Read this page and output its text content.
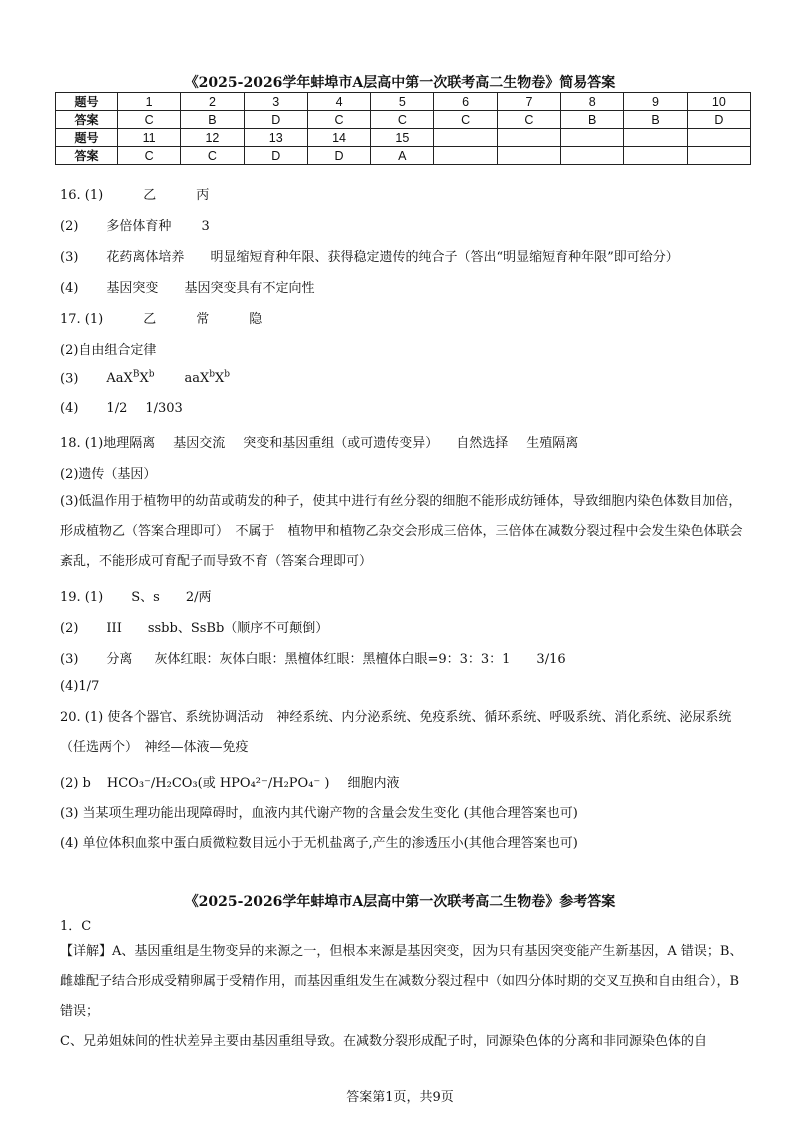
《2025-2026学年蚌埠市A层高中第一次联考高二生物卷》简易答案
题号	1	2	3	4	5	6	7	8	9	10
答案	C	B	D	C	C	C	C	B	B	D
题号	11	12	13	14	15					
答案	C	C	D	D	A					
16. (1)	乙	丙
(2) 多倍体育种 3
(3) 花药离体培养 明显缩短育种年限、获得稳定遗传的纯合子（答出“明显缩短育种年限”即可给分）
(4) 基因突变 基因突变具有不定向性
17. (1)	乙	常	隐
(2)自由组合定律
(3) $AaX^BX^b$ $aaX^bX^b$
(4) 1/2 1/303
18. (1)地理隔离 基因交流 突变和基因重组（或可遗传变异） 自然选择 生殖隔离
(2)遗传（基因）
(3)低温作用于植物甲的幼苗或萌发的种子，使其中进行有丝分裂的细胞不能形成纺锤体，导致细胞内染色体数目加倍，形成植物乙（答案合理即可）　不属于　植物甲和植物乙杂交会形成三倍体，三倍体在减数分裂过程中会发生染色体联会紊乱，不能形成可育配子而导致不育（答案合理即可）
19. (1) S、s 2/两
(2) III ssbb、SsBb（顺序不可颠倒）
(3) 分离 灰体红眼：灰体白眼：黑檀体红眼：黑檀体白眼=9：3：3：1 3/16
(4)1/7
20. (1) 使各个器官、系统协调活动　神经系统、内分泌系统、免疫系统、循环系统、呼吸系统、消化系统、泌尿系统（任选两个）　神经—体液—免疫
(2) b HCO₃⁻/H₂CO₃(或 HPO₄²⁻/H₂PO₄⁻ ) 细胞内液
(3) 当某项生理功能出现障碍时，血液内其代谢产物的含量会发生变化 (其他合理答案也可)
(4) 单位体积血浆中蛋白质微粒数目远小于无机盐离子,产生的渗透压小(其他合理答案也可)
《2025-2026学年蚌埠市A层高中第一次联考高二生物卷》参考答案
1．C
【详解】A、基因重组是生物变异的来源之一，但根本来源是基因突变，因为只有基因突变能产生新基因，A 错误；B、雌雄配子结合形成受精卵属于受精作用，而基因重组发生在减数分裂过程中（如四分体时期的交叉互换和自由组合），B 错误；
C、兄弟姐妹间的性状差异主要由基因重组导致。在减数分裂形成配子时，同源染色体的分离和非同源染色体的自
答案第1页，共9页
